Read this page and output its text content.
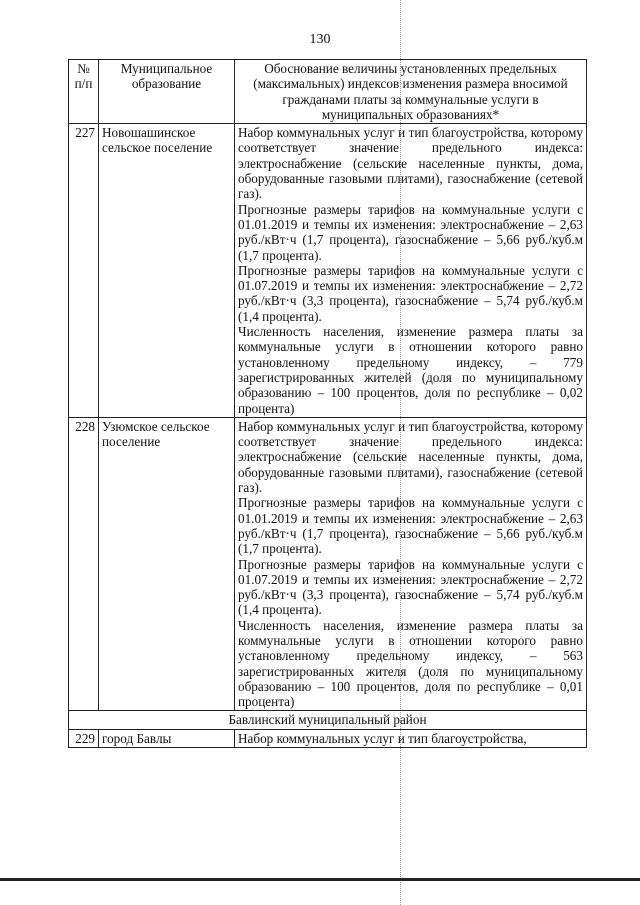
130
№ п/п	Муниципальное образование	Обоснование величины установленных предельных (максимальных) индексов изменения размера вносимой гражданами платы за коммунальные услуги в муниципальных образованиях*
227	Новошашинское сельское поселение	Набор коммунальных услуг и тип благоустройства, которому соответствует значение предельного индекса: электроснабжение (сельские населенные пункты, дома, оборудованные газовыми плитами), газоснабжение (сетевой газ).

Прогнозные размеры тарифов на коммунальные услуги с 01.01.2019 и темпы их изменения: электроснабжение – 2,63 руб./кВт·ч (1,7 процента), газоснабжение – 5,66 руб./куб.м (1,7 процента).

Прогнозные размеры тарифов на коммунальные услуги с 01.07.2019 и темпы их изменения: электроснабжение – 2,72 руб./кВт·ч (3,3 процента), газоснабжение – 5,74 руб./куб.м (1,4 процента).

Численность населения, изменение размера платы за коммунальные услуги в отношении которого равно установленному предельному индексу, – 779 зарегистрированных жителей (доля по муниципальному образованию – 100 процентов, доля по республике – 0,02 процента)

228	Узюмское сельское поселение	Набор коммунальных услуг и тип благоустройства, которому соответствует значение предельного индекса: электроснабжение (сельские населенные пункты, дома, оборудованные газовыми плитами), газоснабжение (сетевой газ).

Прогнозные размеры тарифов на коммунальные услуги с 01.01.2019 и темпы их изменения: электроснабжение – 2,63 руб./кВт·ч (1,7 процента), газоснабжение – 5,66 руб./куб.м (1,7 процента).

Прогнозные размеры тарифов на коммунальные услуги с 01.07.2019 и темпы их изменения: электроснабжение – 2,72 руб./кВт·ч (3,3 процента), газоснабжение – 5,74 руб./куб.м (1,4 процента).

Численность населения, изменение размера платы за коммунальные услуги в отношении которого равно установленному предельному индексу, – 563 зарегистрированных жителя (доля по муниципальному образованию – 100 процентов, доля по республике – 0,01 процента)

Бавлинский муниципальный район		
229	город Бавлы	Набор коммунальных услуг и тип благоустройства,
